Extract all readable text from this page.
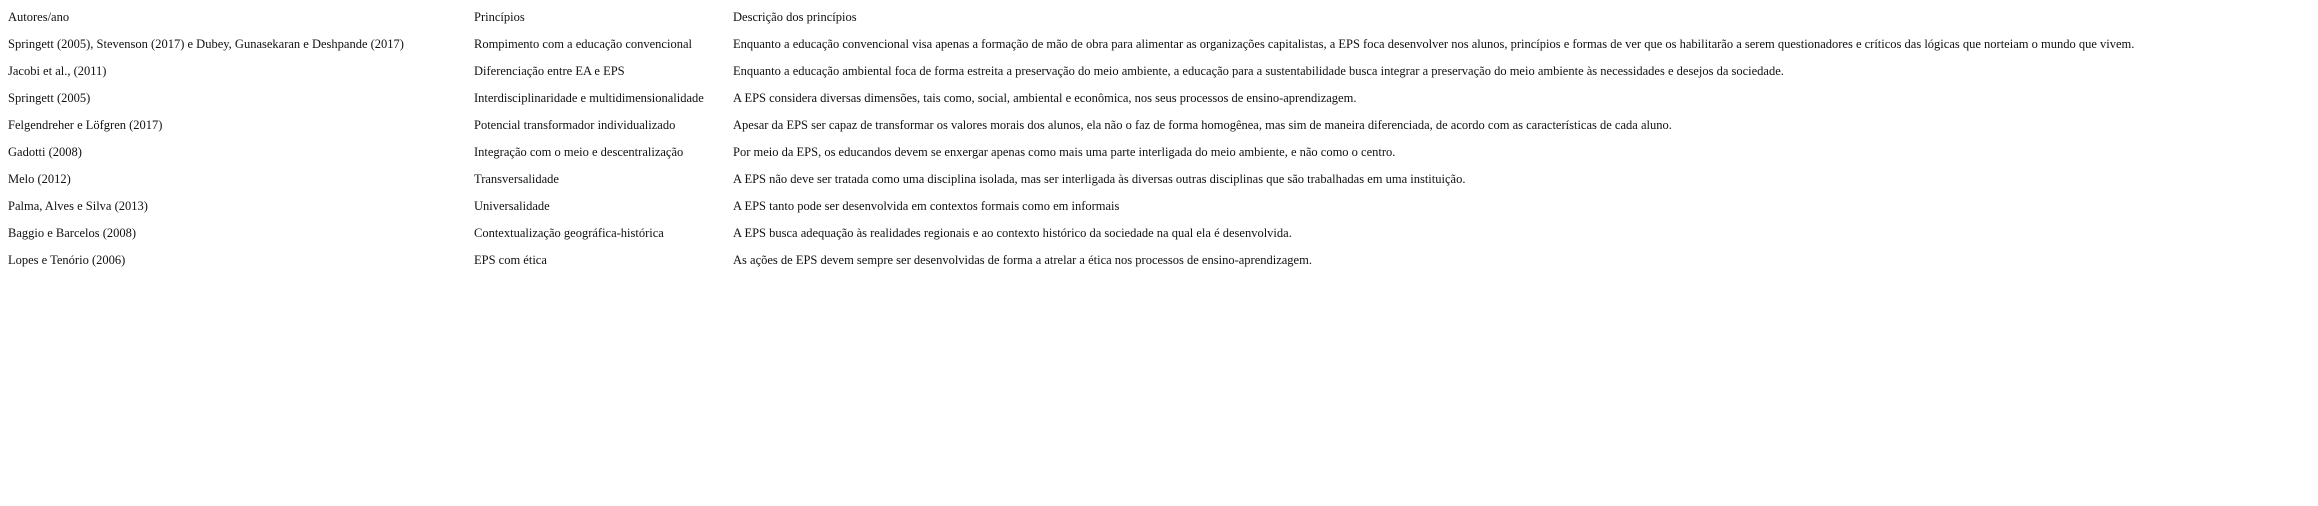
Autores/ano	Princípios	Descrição dos princípios
Springett (2005), Stevenson (2017) e Dubey, Gunasekaran e Deshpande (2017)	Rompimento com a educação convencional	Enquanto a educação convencional visa apenas a formação de mão de obra para alimentar as organizações capitalistas, a EPS foca desenvolver nos alunos, princípios e formas de ver que os habilitarão a serem questionadores e críticos das lógicas que norteiam o mundo que vivem.
Jacobi et al., (2011)	Diferenciação entre EA e EPS	Enquanto a educação ambiental foca de forma estreita a preservação do meio ambiente, a educação para a sustentabilidade busca integrar a preservação do meio ambiente às necessidades e desejos da sociedade.
Springett (2005)	Interdisciplinaridade e multidimensionalidade	A EPS considera diversas dimensões, tais como, social, ambiental e econômica, nos seus processos de ensino-aprendizagem.
Felgendreher e Löfgren (2017)	Potencial transformador individualizado	Apesar da EPS ser capaz de transformar os valores morais dos alunos, ela não o faz de forma homogênea, mas sim de maneira diferenciada, de acordo com as características de cada aluno.
Gadotti (2008)	Integração com o meio e descentralização	Por meio da EPS, os educandos devem se enxergar apenas como mais uma parte interligada do meio ambiente, e não como o centro.
Melo (2012)	Transversalidade	A EPS não deve ser tratada como uma disciplina isolada, mas ser interligada às diversas outras disciplinas que são trabalhadas em uma instituição.
Palma, Alves e Silva (2013)	Universalidade	A EPS tanto pode ser desenvolvida em contextos formais como em informais
Baggio e Barcelos (2008)	Contextualização geográfica-histórica	A EPS busca adequação às realidades regionais e ao contexto histórico da sociedade na qual ela é desenvolvida.
Lopes e Tenório (2006)	EPS com ética	As ações de EPS devem sempre ser desenvolvidas de forma a atrelar a ética nos processos de ensino-aprendizagem.
